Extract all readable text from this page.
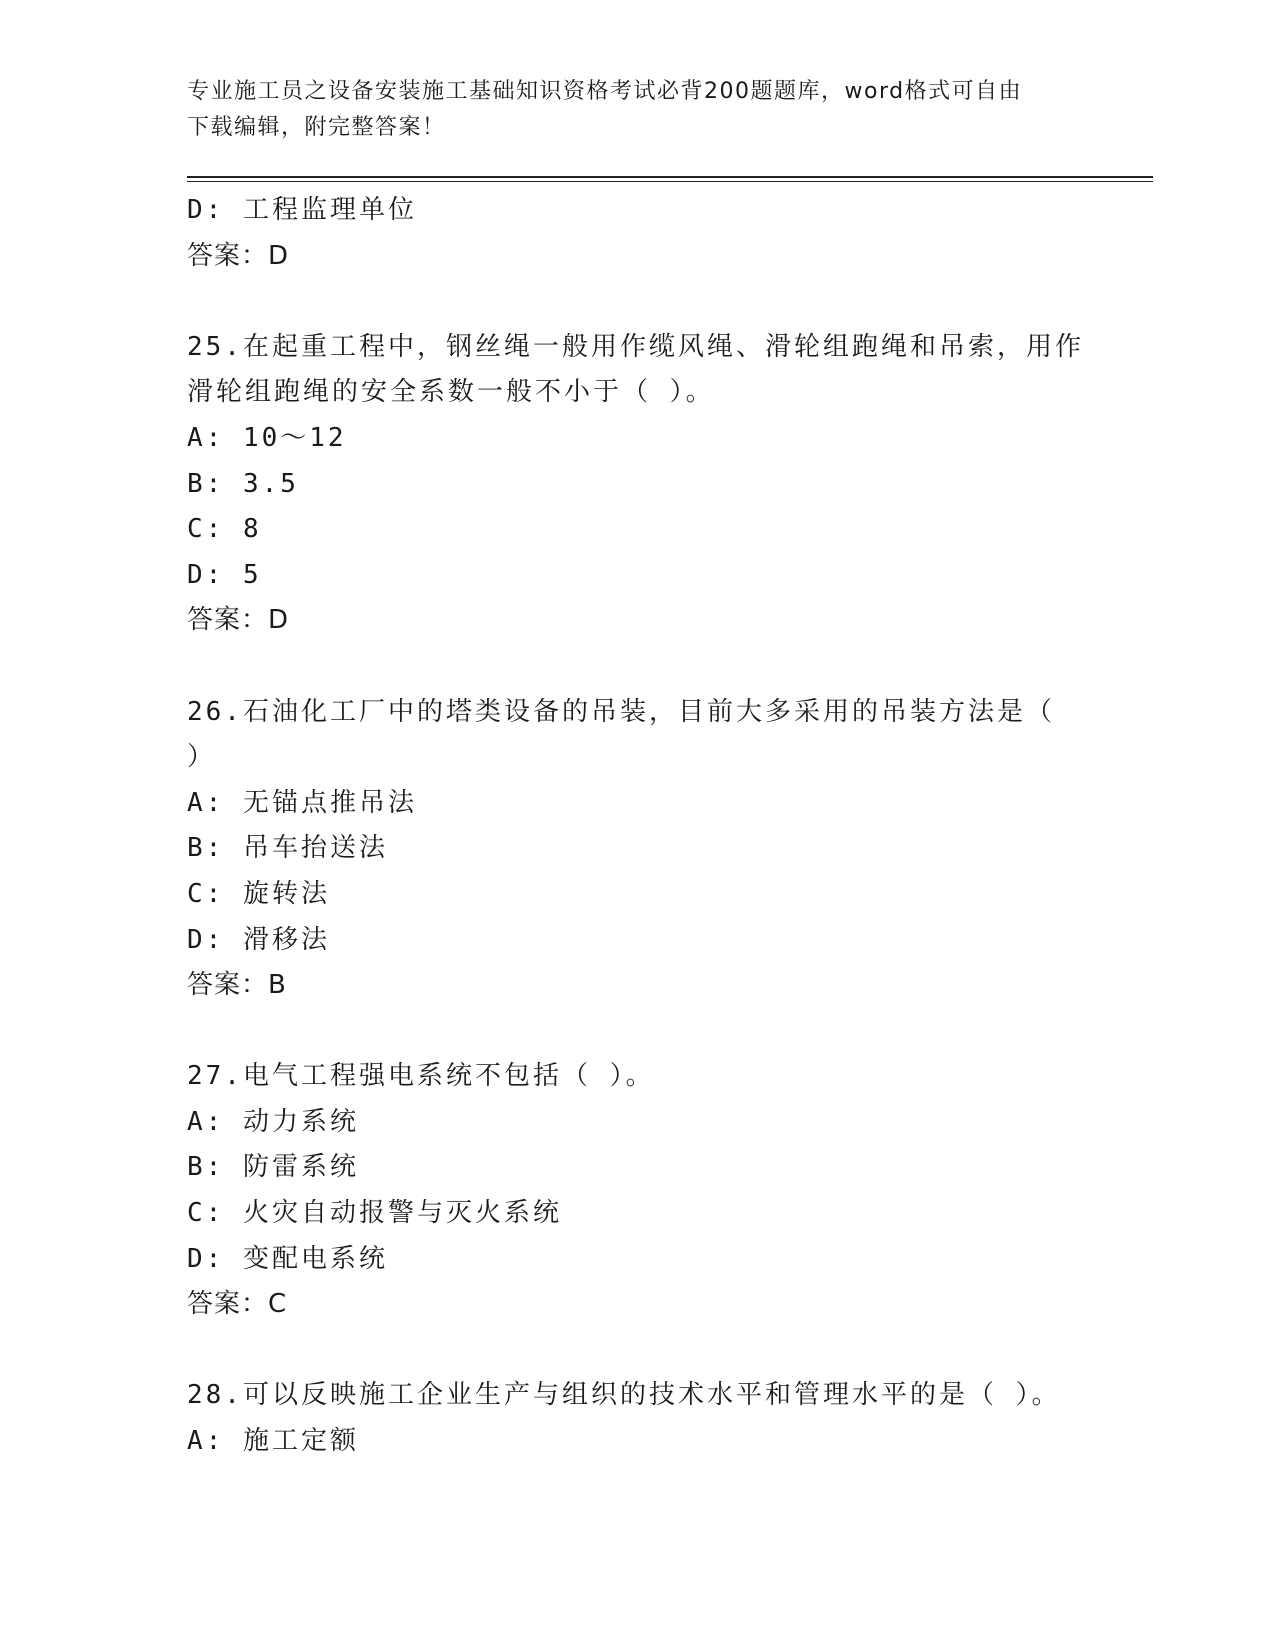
专业施工员之设备安装施工基础知识资格考试必背200题题库，word格式可自由
下载编辑，附完整答案！
D: 工程监理单位
答案：D
25.在起重工程中，钢丝绳一般用作缆风绳、滑轮组跑绳和吊索，用作
滑轮组跑绳的安全系数一般不小于（ ）。
A: 10～12
B: 3.5
C: 8
D: 5
答案：D
26.石油化工厂中的塔类设备的吊装，目前大多采用的吊装方法是（
）
A: 无锚点推吊法
B: 吊车抬送法
C: 旋转法
D: 滑移法
答案：B
27.电气工程强电系统不包括（ ）。
A: 动力系统
B: 防雷系统
C: 火灾自动报警与灭火系统
D: 变配电系统
答案：C
28.可以反映施工企业生产与组织的技术水平和管理水平的是（ ）。
A: 施工定额
